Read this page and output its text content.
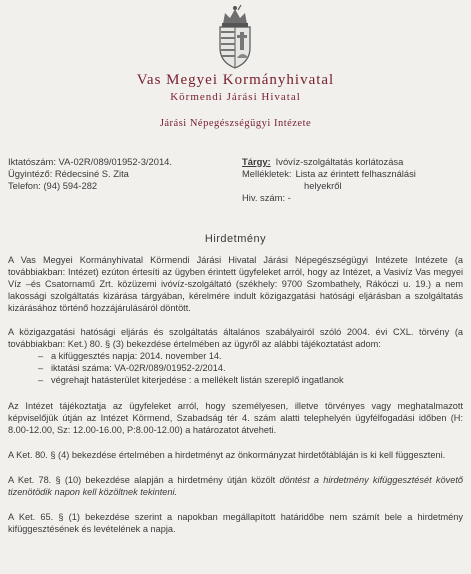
Vas Megyei Kormányhivatal
Körmendi Járási Hivatal
Járási Népegészségügyi Intézete
Iktatószám: VA-02R/089/01952-3/2014.
Ügyintéző: Rédecsiné S. Zita
Telefon: (94) 594-282
Tárgy: Ivóvíz-szolgáltatás korlátozása
Mellékletek: Lista az érintett felhasználási
helyekről
Hiv. szám: -
Hirdetmény

A Vas Megyei Kormányhivatal Körmendi Járási Hivatal Járási Népegészségügyi Intézete Intézete (a továbbiakban: Intézet) ezúton értesíti az ügyben érintett ügyfeleket arról, hogy az Intézet, a Vasivíz Vas megyei Víz –és Csatornamű Zrt. közüzemi ivóvíz-szolgáltató (székhely: 9700 Szombathely, Rákóczi u. 19.) a nem lakossági szolgáltatás kizárása tárgyában, kérelmére indult közigazgatási hatósági eljárásban a szolgáltatás kizárásához történő hozzájárulásáról döntött.

A közigazgatási hatósági eljárás és szolgáltatás általános szabályairól szóló 2004. évi CXL. törvény (a továbbiakban: Ket.) 80. § (3) bekezdése értelmében az ügyről az alábbi tájékoztatást adom:

– a kifüggesztés napja: 2014. november 14.
– iktatási száma: VA-02R/089/01952-2/2014.
– végrehajt hatásterület kiterjedése : a mellékelt listán szereplő ingatlanok

Az Intézet tájékoztatja az ügyfeleket arról, hogy személyesen, illetve törvényes vagy meghatalmazott képviselőjük útján az Intézet Körmend, Szabadság tér 4. szám alatti telephelyén ügyfélfogadási időben (H: 8.00-12.00, Sz: 12.00-16.00, P:8.00-12.00) a határozatot átveheti.

A Ket. 80. § (4) bekezdése értelmében a hirdetményt az önkormányzat hirdetőtábláján is ki kell függeszteni.

A Ket. 78. § (10) bekezdése alapján a hirdetmény útján közölt döntést a hirdetmény kifüggesztését követő tizenötödik napon kell közöltnek tekinteni.

A Ket. 65. § (1) bekezdése szerint a napokban megállapított határidőbe nem számít bele a hirdetmény kifüggesztésének és levételének a napja.
